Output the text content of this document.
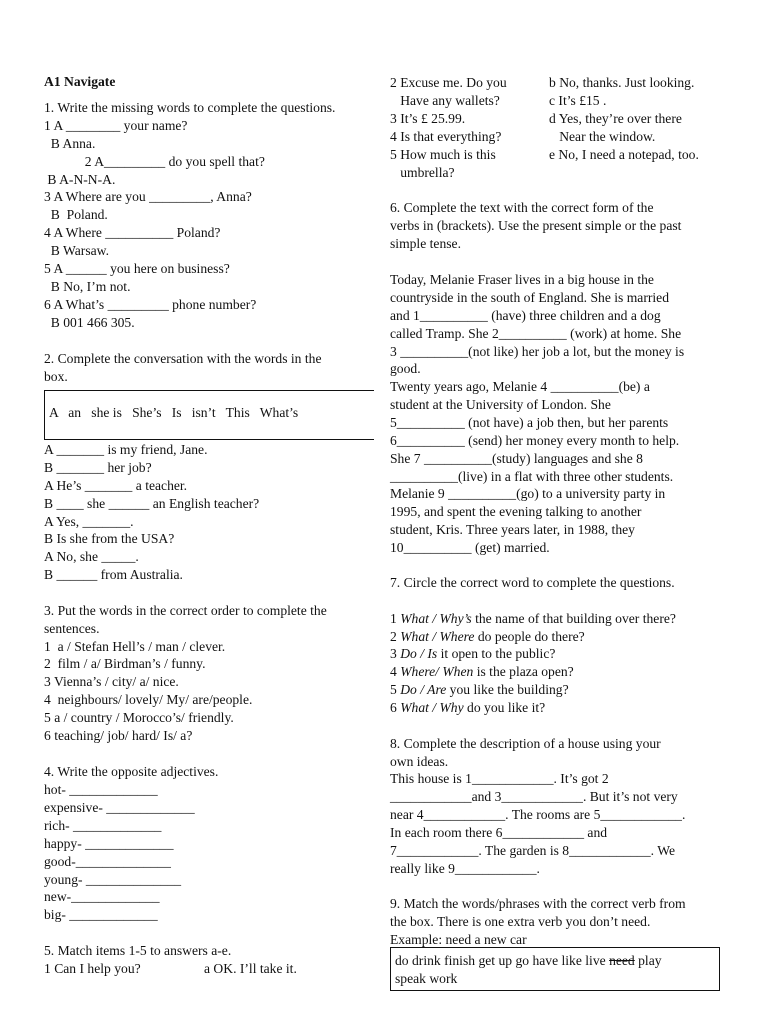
A1 Navigate
1. Write the missing words to complete the questions.
1 A ________ your name?
B Anna.
2 A_________ do you spell that?
B A-N-N-A.
3 A Where are you _________, Anna?
B  Poland.
4 A Where __________ Poland?
B Warsaw.
5 A ______ you here on business?
B No, I’m not.
6 A What’s _________ phone number?
B 001 466 305.
2. Complete the conversation with the words in the
box.
A   an   she is   She’s   Is   isn’t   This   What’s
A _______ is my friend, Jane.
B _______ her job?
A He’s _______ a teacher.
B ____ she ______ an English teacher?
A Yes, _______.
B Is she from the USA?
A No, she _____.
B ______ from Australia.
3. Put the words in the correct order to complete the
sentences.
1  a / Stefan Hell’s / man / clever.
2  film / a/ Birdman’s / funny.
3 Vienna’s / city/ a/ nice.
4  neighbours/ lovely/ My/ are/people.
5 a / country / Morocco’s/ friendly.
6 teaching/ job/ hard/ Is/ a?
4. Write the opposite adjectives.
hot- _____________
expensive- _____________
rich- _____________
happy- _____________
good-______________
young- ______________
new-_____________
big- _____________
5. Match items 1-5 to answers a-e.
1 Can I help you?	a OK. I’ll take it.
2 Excuse me. Do you
Have any wallets?
3 It’s £ 25.99.
4 Is that everything?
5 How much is this
umbrella?
b No, thanks. Just looking.
c It’s £15 .
d Yes, they’re over there
Near the window.
e No, I need a notepad, too.
6. Complete the text with the correct form of the
verbs in (brackets). Use the present simple or the past
simple tense.
Today, Melanie Fraser lives in a big house in the
countryside in the south of England. She is married
and 1__________ (have) three children and a dog
called Tramp. She 2__________ (work) at home. She
3 __________(not like) her job a lot, but the money is
good.
Twenty years ago, Melanie 4 __________(be) a
student at the University of London. She
5__________ (not have) a job then, but her parents
6__________ (send) her money every month to help.
She 7 __________(study) languages and she 8
__________(live) in a flat with three other students.
Melanie 9 __________(go) to a university party in
1995, and spent the evening talking to another
student, Kris. Three years later, in 1988, they
10__________ (get) married.
7. Circle the correct word to complete the questions.
1 What / Why’s the name of that building over there?
2 What / Where do people do there?
3 Do / Is it open to the public?
4 Where/ When is the plaza open?
5 Do / Are you like the building?
6 What / Why do you like it?
8. Complete the description of a house using your
own ideas.
This house is 1____________. It’s got 2
____________and 3____________. But it’s not very
near 4____________. The rooms are 5____________.
In each room there 6____________ and
7____________. The garden is 8____________. We
really like 9____________.
9. Match the words/phrases with the correct verb from
the box. There is one extra verb you don’t need.
Example: need a new car
do drink finish get up go have like live need play
speak work
